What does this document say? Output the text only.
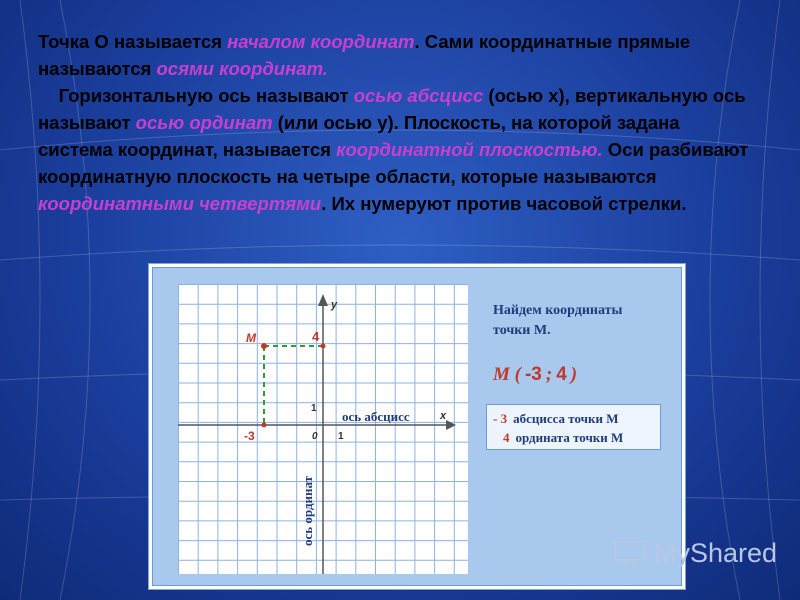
Точка О называется началом координат. Сами координатные прямые называются осями координат.
Горизонтальную ось называют осью абсцисс (осью x), вертикальную ось называют осью ординат (или осью y). Плоскость, на которой задана система координат, называется координатной плоскостью. Оси разбивают координатную плоскость на четыре области, которые называются координатными четвертями. Их нумеруют против часовой стрелки.
y
x
ось абсцисс
ось ординат
0 1
1
M	4
-3
Найдем координаты
точки M.
M ( -3 ; 4 )
- 3 абсцисса точки M
4 ордината точки M
MyShared
